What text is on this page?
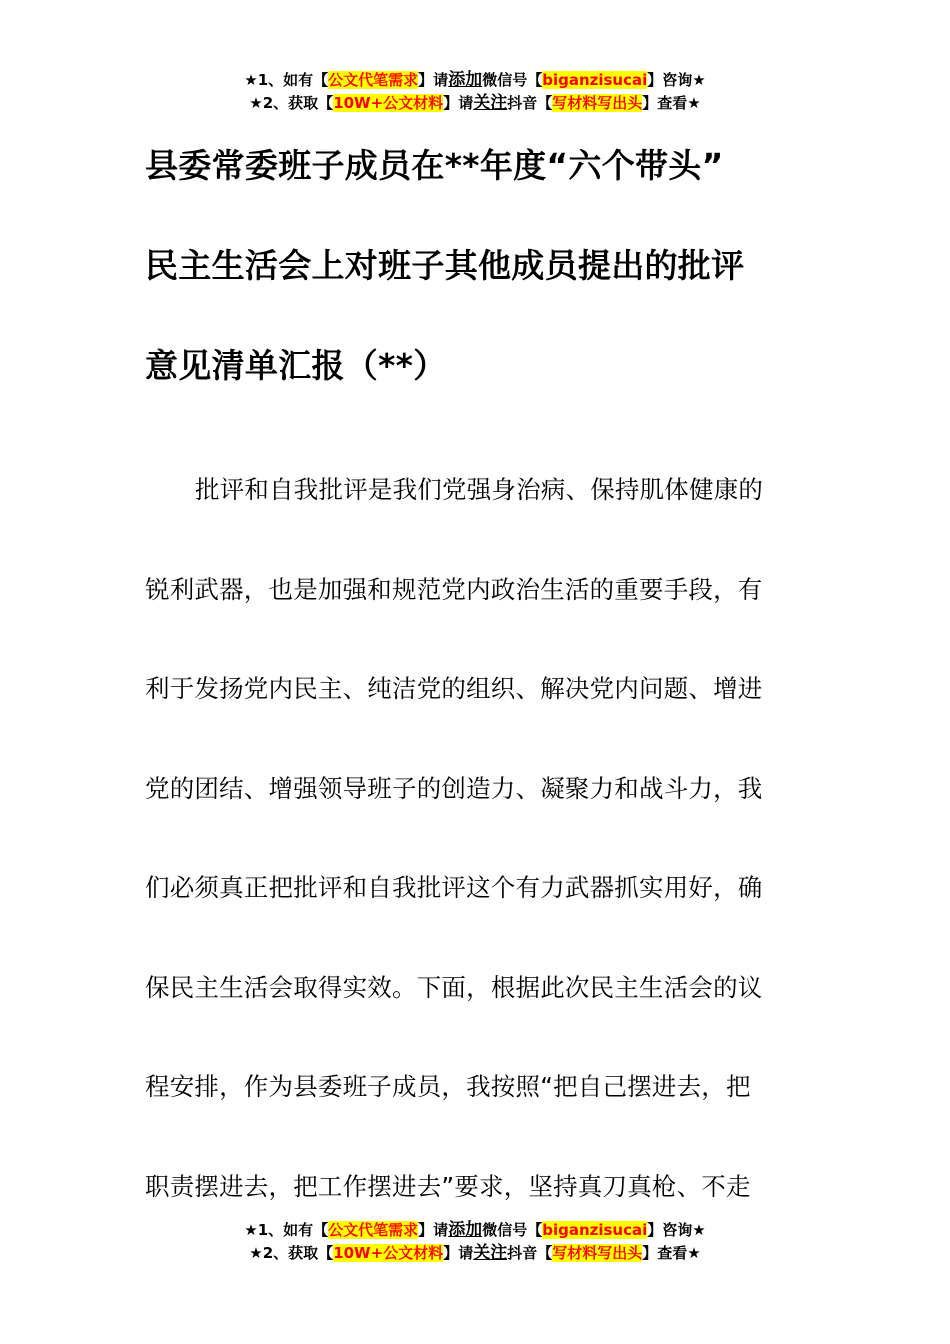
★1、如有【公文代笔需求】请添加微信号【biganzisucai】咨询★
★2、获取【10W+公文材料】请关注抖音【写材料写出头】查看★
县委常委班子成员在**年度“六个带头”
民主生活会上对班子其他成员提出的批评
意见清单汇报（**）
批评和自我批评是我们党强身治病、保持肌体健康的
锐利武器，也是加强和规范党内政治生活的重要手段，有
利于发扬党内民主、纯洁党的组织、解决党内问题、增进
党的团结、增强领导班子的创造力、凝聚力和战斗力，我
们必须真正把批评和自我批评这个有力武器抓实用好，确
保民主生活会取得实效。下面，根据此次民主生活会的议
程安排，作为县委班子成员，我按照“把自己摆进去，把
职责摆进去，把工作摆进去”要求，坚持真刀真枪、不走
★1、如有【公文代笔需求】请添加微信号【biganzisucai】咨询★
★2、获取【10W+公文材料】请关注抖音【写材料写出头】查看★
